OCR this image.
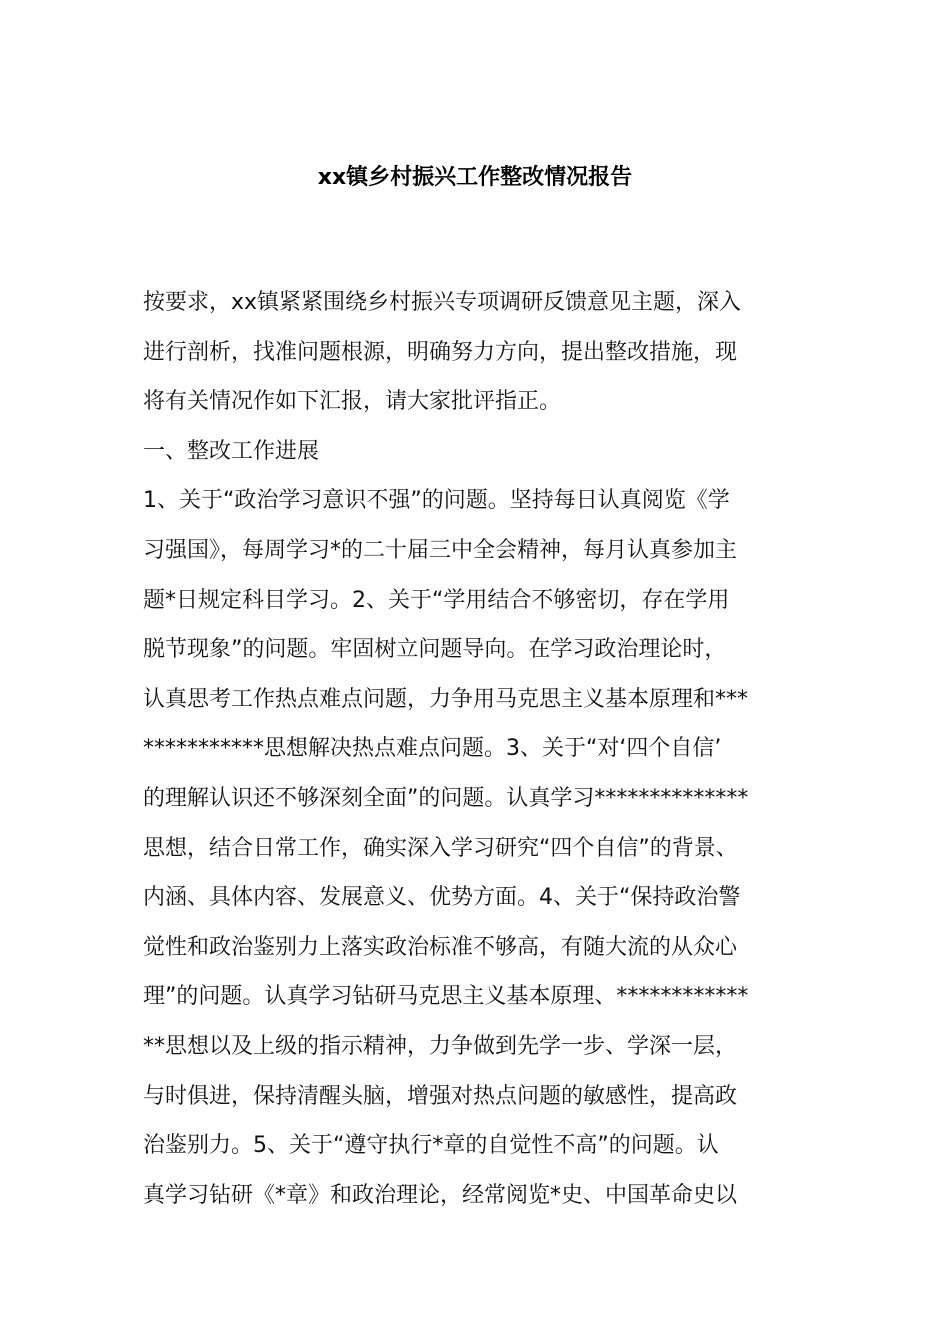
xx镇乡村振兴工作整改情况报告
按要求，xx镇紧紧围绕乡村振兴专项调研反馈意见主题，深入
进行剖析，找准问题根源，明确努力方向，提出整改措施，现
将有关情况作如下汇报，请大家批评指正。
一、整改工作进展
1、关于“政治学习意识不强”的问题。坚持每日认真阅览《学
习强国》，每周学习*的二十届三中全会精神，每月认真参加主
题*日规定科目学习。2、关于“学用结合不够密切，存在学用
脱节现象”的问题。牢固树立问题导向。在学习政治理论时，
认真思考工作热点难点问题，力争用马克思主义基本原理和***
***********思想解决热点难点问题。3、关于“对‘四个自信’
的理解认识还不够深刻全面”的问题。认真学习**************
思想，结合日常工作，确实深入学习研究“四个自信”的背景、
内涵、具体内容、发展意义、优势方面。4、关于“保持政治警
觉性和政治鉴别力上落实政治标准不够高，有随大流的从众心
理”的问题。认真学习钻研马克思主义基本原理、************
**思想以及上级的指示精神，力争做到先学一步、学深一层，
与时俱进，保持清醒头脑，增强对热点问题的敏感性，提高政
治鉴别力。5、关于“遵守执行*章的自觉性不高”的问题。认
真学习钻研《*章》和政治理论，经常阅览*史、中国革命史以
